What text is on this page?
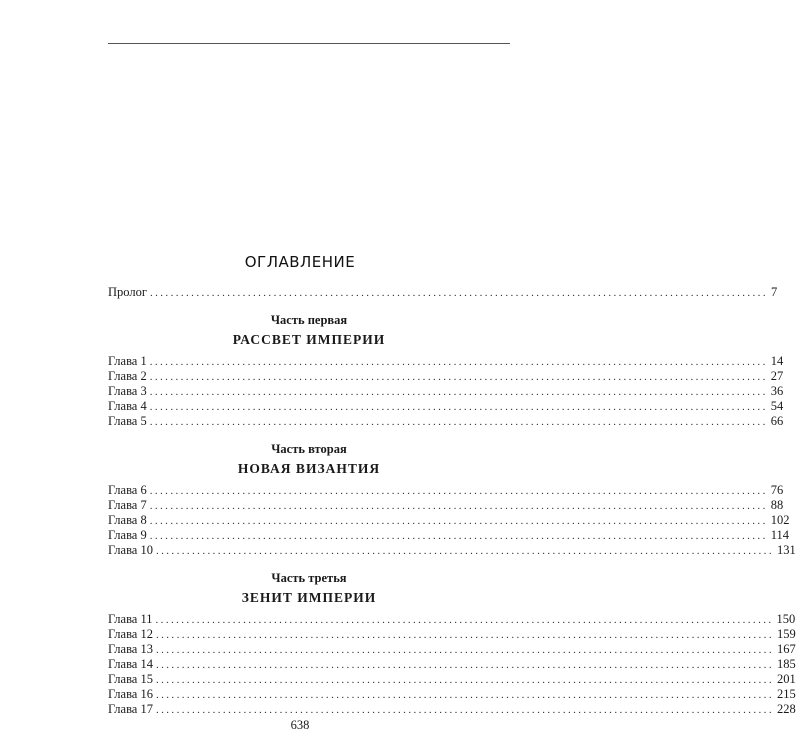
ОГЛАВЛЕНИЕ
Пролог ........................................................................................................................ 7
Часть первая
РАССВЕТ ИМПЕРИИ
Глава 1 ........................................................................................................................ 14
Глава 2 ........................................................................................................................ 27
Глава 3 ........................................................................................................................ 36
Глава 4 ........................................................................................................................ 54
Глава 5 ........................................................................................................................ 66
Часть вторая
НОВАЯ ВИЗАНТИЯ
Глава 6 ........................................................................................................................ 76
Глава 7 ........................................................................................................................ 88
Глава 8 ........................................................................................................................ 102
Глава 9 ........................................................................................................................ 114
Глава 10 ........................................................................................................................ 131
Часть третья
ЗЕНИТ ИМПЕРИИ
Глава 11 ........................................................................................................................ 150
Глава 12 ........................................................................................................................ 159
Глава 13 ........................................................................................................................ 167
Глава 14 ........................................................................................................................ 185
Глава 15 ........................................................................................................................ 201
Глава 16 ........................................................................................................................ 215
Глава 17 ........................................................................................................................ 228
638
